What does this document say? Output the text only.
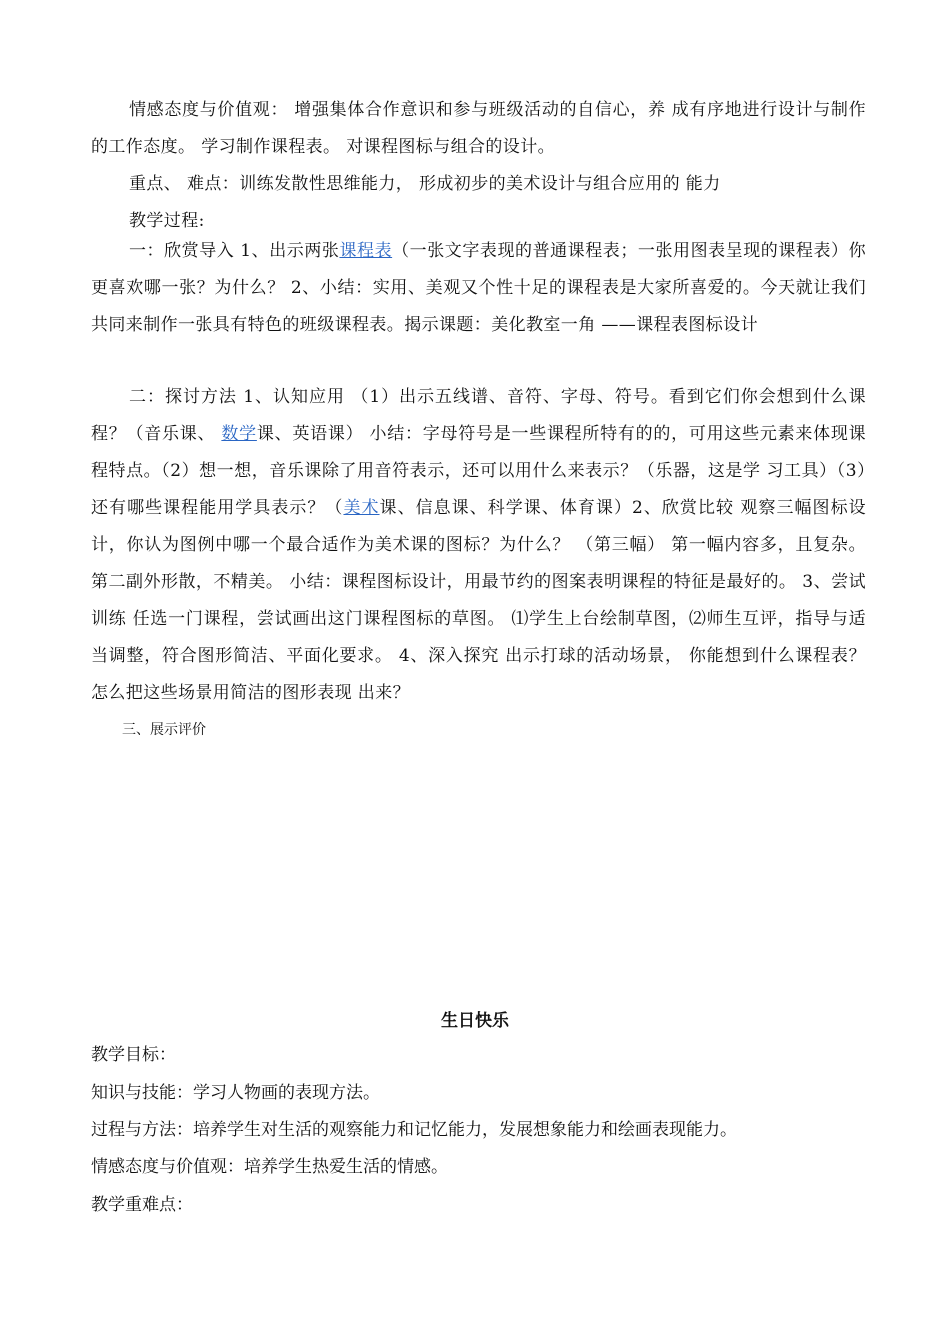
情感态度与价值观： 增强集体合作意识和参与班级活动的自信心，养 成有序地进行设计与制作的工作态度。 学习制作课程表。 对课程图标与组合的设计。

重点、 难点：训练发散性思维能力， 形成初步的美术设计与组合应用的 能力

教学过程:

一：欣赏导入 1、出示两张课程表（一张文字表现的普通课程表；一张用图表呈现的课程表）你更喜欢哪一张？为什么？ 2、小结：实用、美观又个性十足的课程表是大家所喜爱的。今天就让我们共同来制作一张具有特色的班级课程表。揭示课题：美化教室一角 ——课程表图标设计

二：探讨方法 1、认知应用 （1）出示五线谱、音符、字母、符号。看到它们你会想到什么课程？（音乐课、 数学课、英语课） 小结：字母符号是一些课程所特有的的，可用这些元素来体现课程特点。（2）想一想，音乐课除了用音符表示，还可以用什么来表示？（乐器，这是学 习工具）（3）还有哪些课程能用学具表示？（美术课、信息课、科学课、体育课）2、欣赏比较 观察三幅图标设计，你认为图例中哪一个最合适作为美术课的图标？为什么？ （第三幅） 第一幅内容多，且复杂。 第二副外形散，不精美。 小结：课程图标设计，用最节约的图案表明课程的特征是最好的。 3、尝试训练 任选一门课程，尝试画出这门课程图标的草图。 ⑴学生上台绘制草图，⑵师生互评，指导与适当调整，符合图形简洁、平面化要求。 4、深入探究 出示打球的活动场景， 你能想到什么课程表？怎么把这些场景用简洁的图形表现 出来？

三、展示评价

生日快乐

教学目标：

知识与技能：学习人物画的表现方法。

过程与方法：培养学生对生活的观察能力和记忆能力，发展想象能力和绘画表现能力。

情感态度与价值观：培养学生热爱生活的情感。

教学重难点：
